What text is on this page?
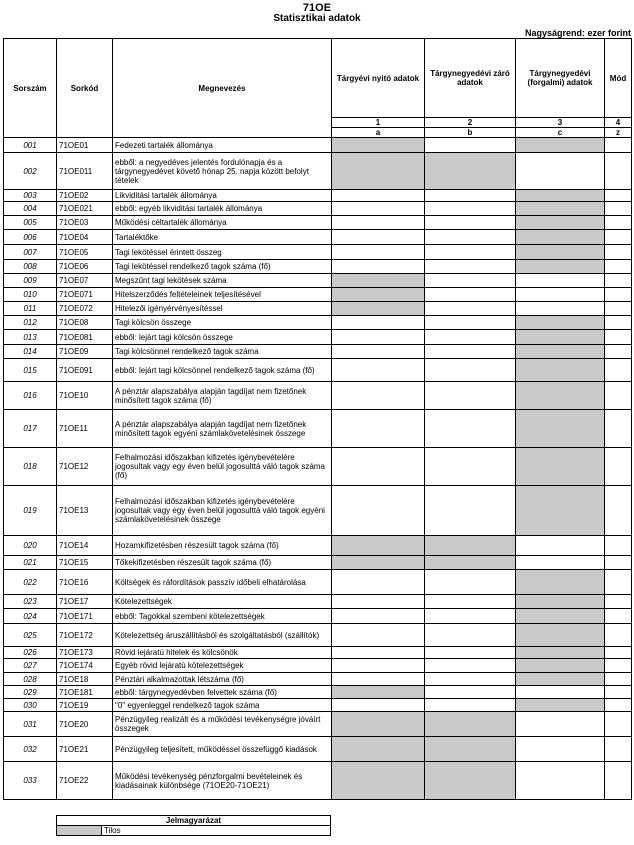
71OE
Statisztikai adatok
Nagyságrend: ezer forint
Sorszám	Sorkód	Megnevezés	Tárgyévi nyitó adatok	Tárgynegyedévi záró adatok	Tárgynegyedévi (forgalmi) adatok	Mód
			1	2	3	4
			a	b	c	z
001	71OE01	Fedezeti tartalék állománya				
002	71OE011	ebből: a negyedéves jelentés fordulónapja és a tárgynegyedévet követő hónap 25. napja között befolyt tételek				
003	71OE02	Likviditási tartalék állománya				
004	71OE021	ebből: egyéb likviditási tartalék állománya				
005	71OE03	Működési céltartalék állománya				
006	71OE04	Tartaléktőke				
007	71OE05	Tagi lekötéssel érintett összeg				
008	71OE06	Tagi lekötéssel rendelkező tagok száma (fő)				
009	71OE07	Megszűnt tagi lekötések száma				
010	71OE071	Hitelszerződés feltételeinek teljesítésével				
011	71OE072	Hitelezői igényérvényesítéssel				
012	71OE08	Tagi kölcsön összege				
013	71OE081	ebből: lejárt tagi kölcsön összege				
014	71OE09	Tagi kölcsönnel rendelkező tagok száma				
015	71OE091	ebből: lejárt tagi kölcsönnel rendelkező tagok száma (fő)				
016	71OE10	A pénztár alapszabálya alapján tagdíjat nem fizetőnek minősített tagok száma (fő)				
017	71OE11	A pénztár alapszabálya alapján tagdíjat nem fizetőnek minősített tagok egyéni számlakövetelésinek összege				
018	71OE12	Felhalmozási időszakban kifizetés igénybevételére jogosultak vagy egy éven belül jogosulttá váló tagok száma (fő)				
019	71OE13	Felhalmozási időszakban kifizetés igénybevételére jogosultak vagy egy éven belül jogosulttá váló tagok egyéni számlakövetelésinek összege				
020	71OE14	Hozamkifizetésben részesült tagok száma (fő)				
021	71OE15	Tőkekifizetésben részesült tagok száma (fő)				
022	71OE16	Költségek és ráfordítások passzív időbeli elhatárolása				
023	71OE17	Kötelezettségek				
024	71OE171	ebből: Tagokkal szembeni kötelezettségek				
025	71OE172	Kötelezettség áruszállításból és szolgáltatásból (szállítók)				
026	71OE173	Rövid lejáratú hitelek és kölcsönök				
027	71OE174	Egyéb rövid lejáratú kötelezettségek				
028	71OE18	Pénztári alkalmazottak létszáma (fő)				
029	71OE181	ebből: tárgynegyedévben felvettek száma (fő)				
030	71OE19	"0" egyenleggel rendelkező tagok száma				
031	71OE20	Pénzügyileg realizált és a működési tevékenységre jóváírt összegek				
032	71OE21	Pénzügyileg teljesített, működéssel összefüggő kiadások				
033	71OE22	Működési tevékenység pénzforgalmi bevételeinek és kiadásainak különbsége (71OE20-71OE21)				
Jelmagyarázat
	Tilos
